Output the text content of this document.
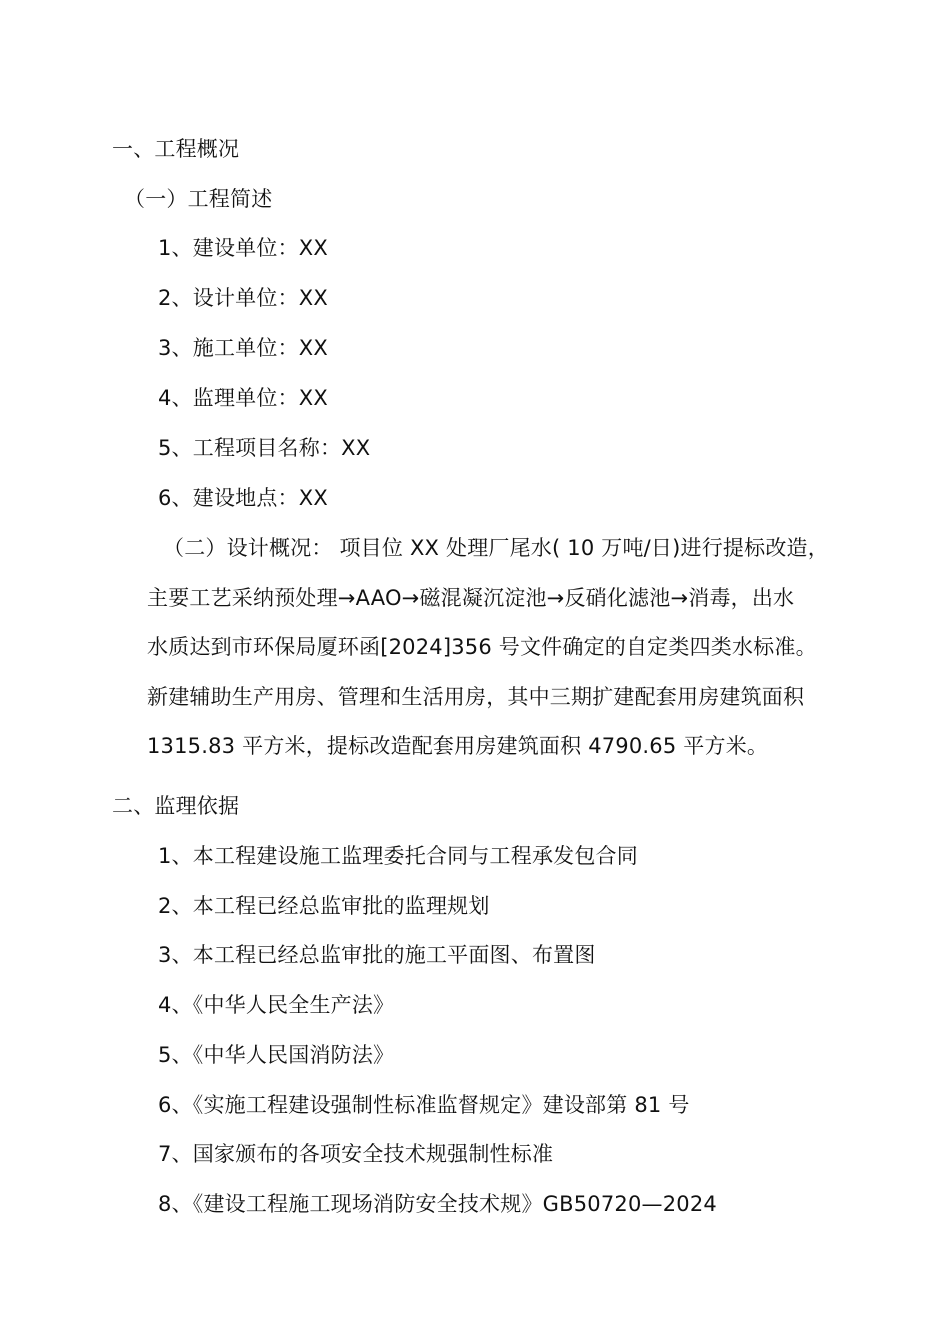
一、工程概况
（一）工程简述
1、建设单位：XX
2、设计单位：XX
3、施工单位：XX
4、监理单位：XX
5、工程项目名称：XX
6、建设地点：XX
（二）设计概况： 项目位 XX 处理厂尾水( 10 万吨/日)进行提标改造，
主要工艺采纳预处理→AAO→磁混凝沉淀池→反硝化滤池→消毒，出水
水质达到市环保局厦环函[2024]356 号文件确定的自定类四类水标准。
新建辅助生产用房、管理和生活用房，其中三期扩建配套用房建筑面积
1315.83 平方米，提标改造配套用房建筑面积 4790.65 平方米。
二、监理依据
1、本工程建设施工监理委托合同与工程承发包合同
2、本工程已经总监审批的监理规划
3、本工程已经总监审批的施工平面图、布置图
4、《中华人民全生产法》
5、《中华人民国消防法》
6、《实施工程建设强制性标准监督规定》建设部第 81 号
7、国家颁布的各项安全技术规强制性标准
8、《建设工程施工现场消防安全技术规》GB50720—2024
